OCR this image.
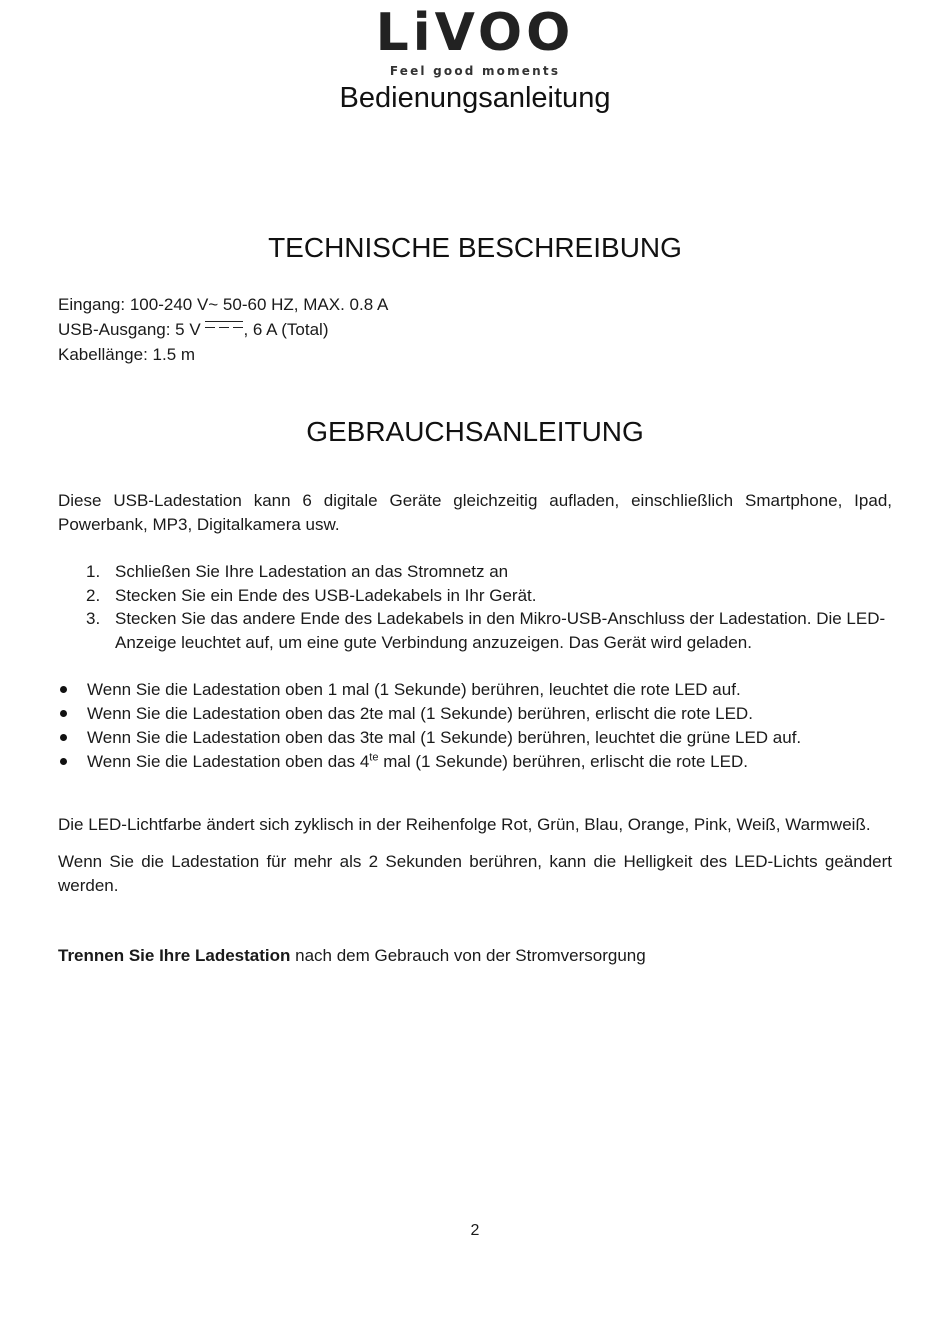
LiVOO
Feel good moments
Bedienungsanleitung
TECHNISCHE BESCHREIBUNG
Eingang: 100-240 V~ 50-60 HZ, MAX. 0.8 A
USB-Ausgang: 5 V	, 6 A (Total)
Kabellänge: 1.5 m
GEBRAUCHSANLEITUNG
Diese USB-Ladestation kann 6 digitale Geräte gleichzeitig aufladen, einschließlich Smartphone, Ipad, Powerbank, MP3, Digitalkamera usw.
1. Schließen Sie Ihre Ladestation an das Stromnetz an
2. Stecken Sie ein Ende des USB-Ladekabels in Ihr Gerät.
3. Stecken Sie das andere Ende des Ladekabels in den Mikro-USB-Anschluss der Ladestation. Die LED-Anzeige leuchtet auf, um eine gute Verbindung anzuzeigen. Das Gerät wird geladen.
Wenn Sie die Ladestation oben 1 mal (1 Sekunde) berühren, leuchtet die rote LED auf.
Wenn Sie die Ladestation oben das 2te mal (1 Sekunde) berühren, erlischt die rote LED.
Wenn Sie die Ladestation oben das 3te mal (1 Sekunde) berühren, leuchtet die grüne LED auf.
Wenn Sie die Ladestation oben das $4^{te}$ mal (1 Sekunde) berühren, erlischt die rote LED.
Die LED-Lichtfarbe ändert sich zyklisch in der Reihenfolge Rot, Grün, Blau, Orange, Pink, Weiß, Warmweiß.
Wenn Sie die Ladestation für mehr als 2 Sekunden berühren, kann die Helligkeit des LED-Lichts geändert werden.
Trennen Sie Ihre Ladestation nach dem Gebrauch von der Stromversorgung
2
